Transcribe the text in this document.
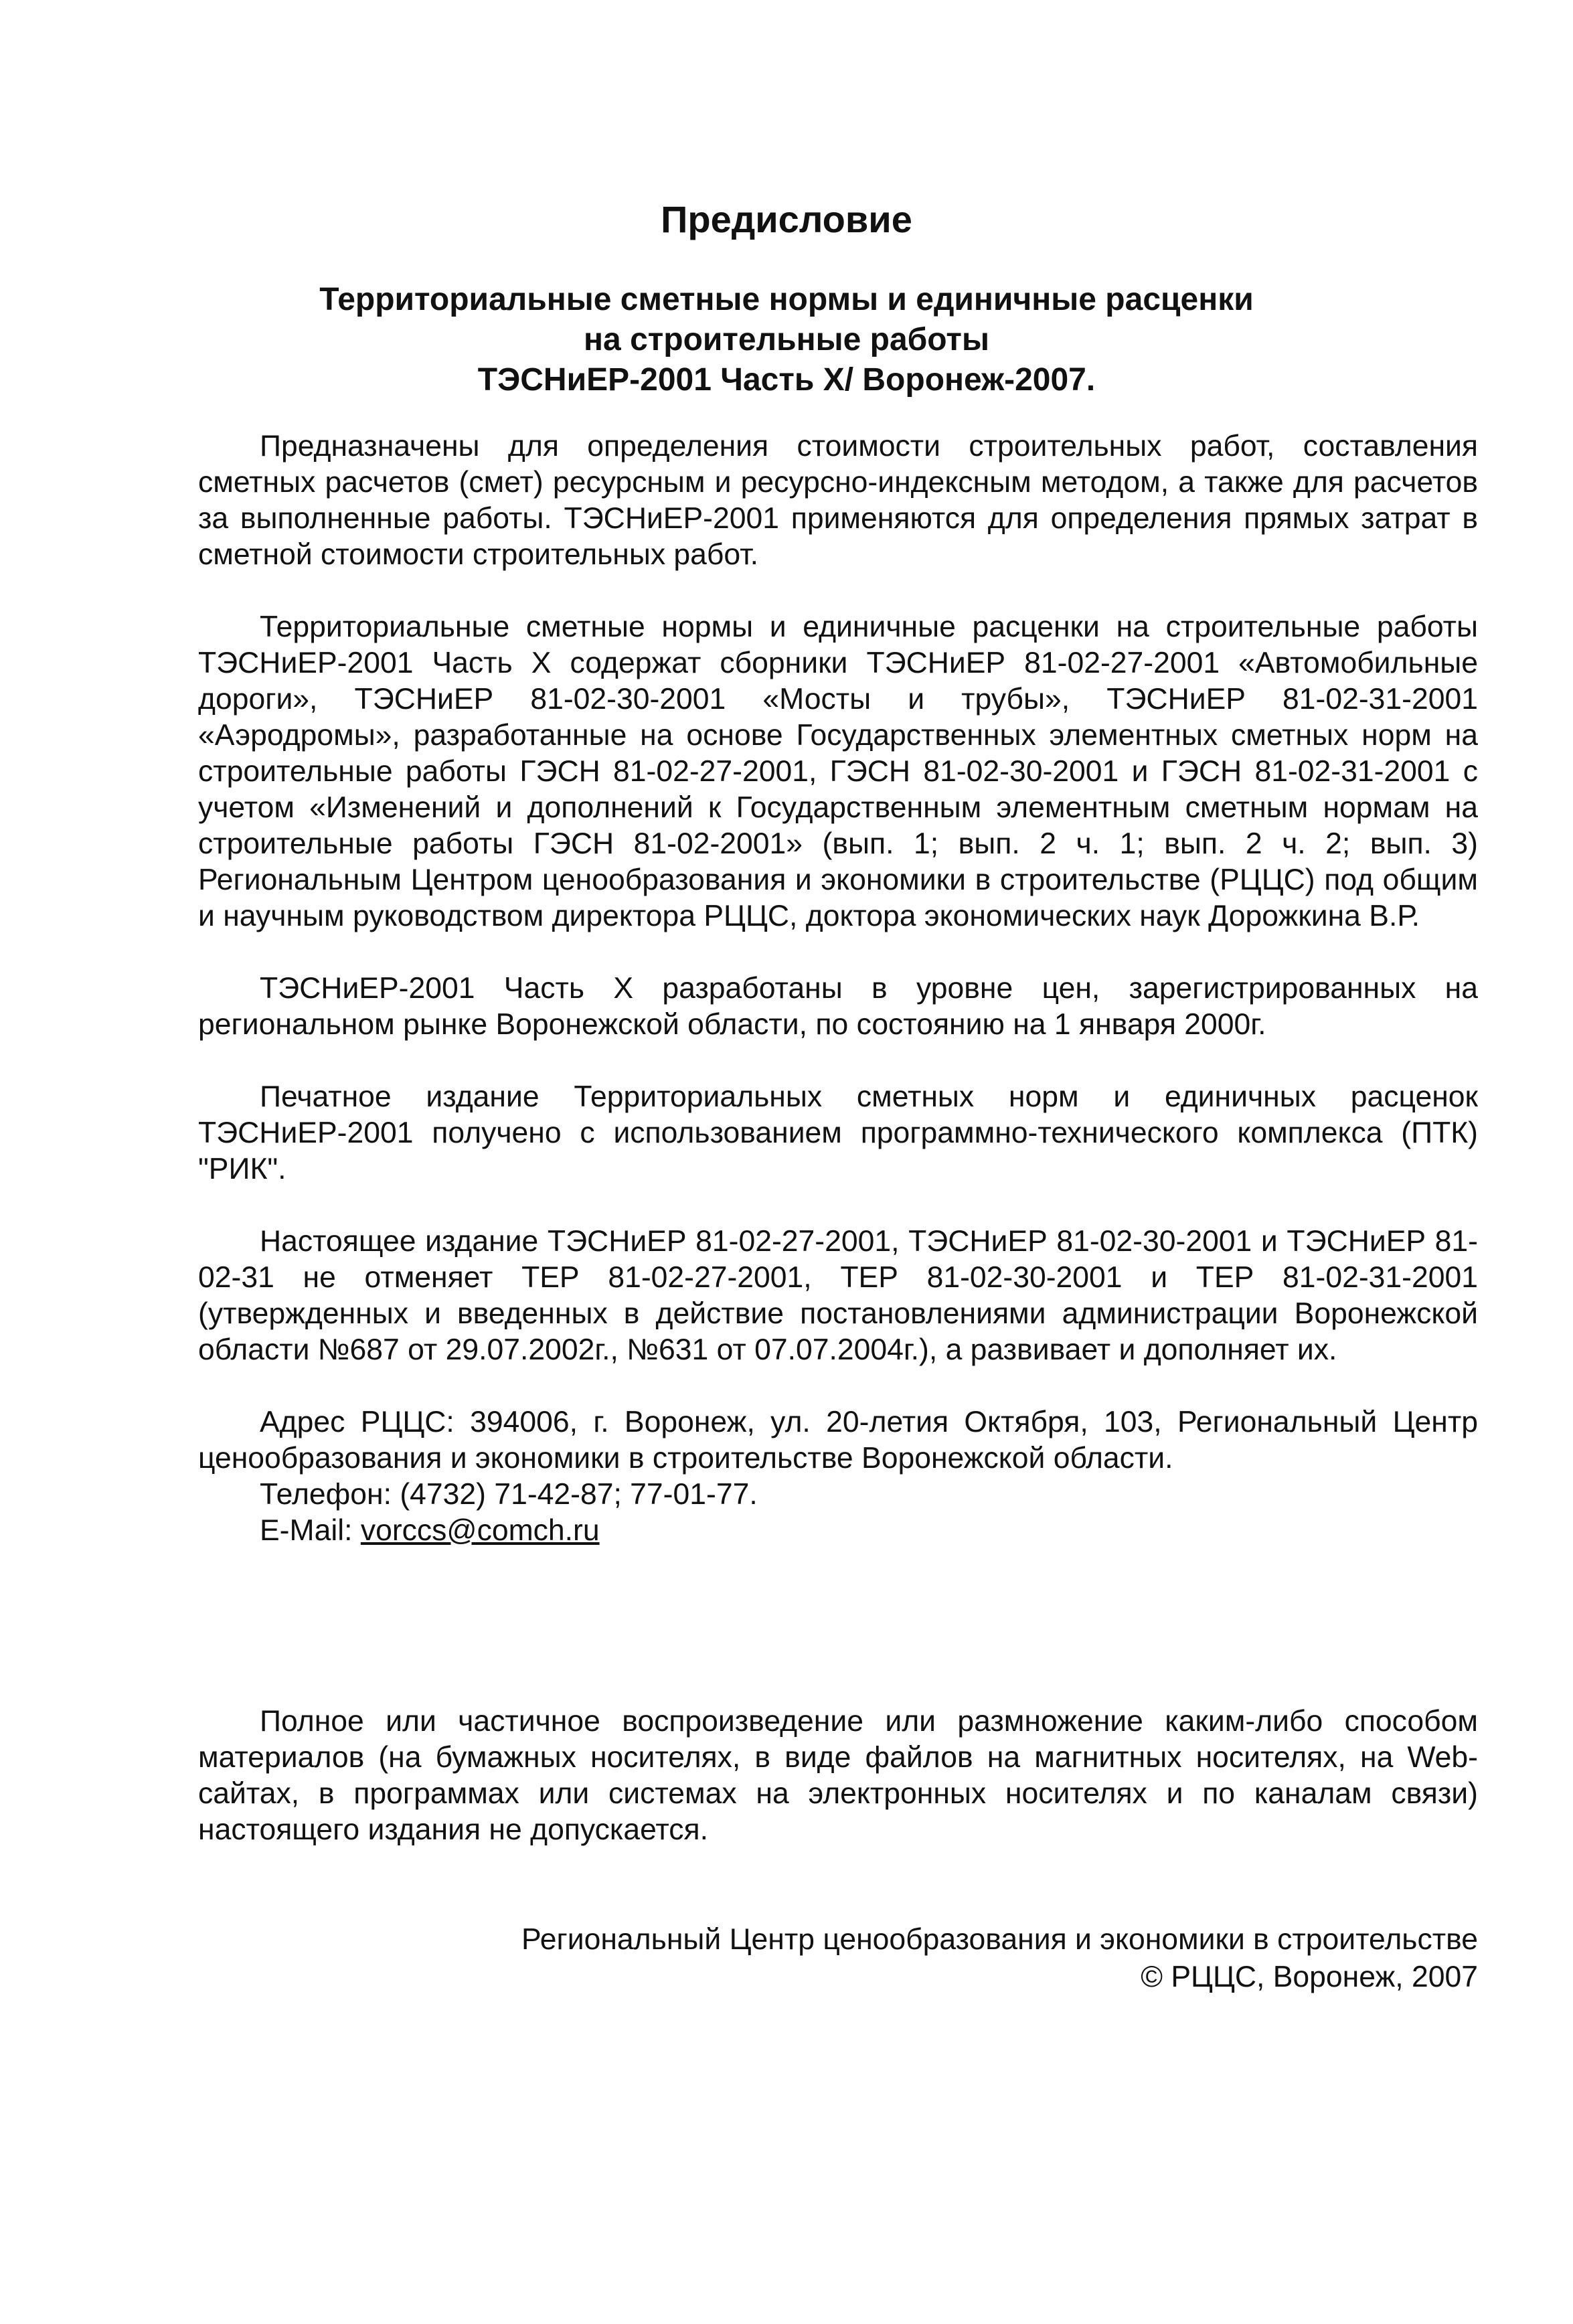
Предисловие
Территориальные сметные нормы и единичные расценки
на строительные работы
ТЭСНиЕР-2001 Часть X/ Воронеж-2007.

Предназначены для определения стоимости строительных работ, составления сметных расчетов (смет) ресурсным и ресурсно-индексным методом, а также для расчетов за выполненные работы. ТЭСНиЕР-2001 применяются для определения прямых затрат в сметной стоимости строительных работ.

Территориальные сметные нормы и единичные расценки на строительные работы ТЭСНиЕР-2001 Часть X содержат сборники ТЭСНиЕР 81-02-27-2001 «Автомобильные дороги», ТЭСНиЕР 81-02-30-2001 «Мосты и трубы», ТЭСНиЕР 81-02-31-2001 «Аэродромы», разработанные на основе Государственных элементных сметных норм на строительные работы ГЭСН 81-02-27-2001, ГЭСН 81-02-30-2001 и ГЭСН 81-02-31-2001 с учетом «Изменений и дополнений к Государственным элементным сметным нормам на строительные работы ГЭСН 81-02-2001» (вып. 1; вып. 2 ч. 1; вып. 2 ч. 2; вып. 3) Региональным Центром ценообразования и экономики в строительстве (РЦЦС) под общим и научным руководством директора РЦЦС, доктора экономических наук Дорожкина В.Р.

ТЭСНиЕР-2001 Часть X разработаны в уровне цен, зарегистрированных на региональном рынке Воронежской области, по состоянию на 1 января 2000г.

Печатное издание Территориальных сметных норм и единичных расценок ТЭСНиЕР-2001 получено с использованием программно-технического комплекса (ПТК) "РИК".

Настоящее издание ТЭСНиЕР 81-02-27-2001, ТЭСНиЕР 81-02-30-2001 и ТЭСНиЕР 81-02-31 не отменяет ТЕР 81-02-27-2001, ТЕР 81-02-30-2001 и ТЕР 81-02-31-2001 (утвержденных и введенных в действие постановлениями администрации Воронежской области №687 от 29.07.2002г., №631 от 07.07.2004г.), а развивает и дополняет их.

Адрес РЦЦС: 394006, г. Воронеж, ул. 20-летия Октября, 103, Региональный Центр ценообразования и экономики в строительстве Воронежской области.

Телефон: (4732) 71-42-87; 77-01-77.

E-Mail: vorccs@comch.ru

Полное или частичное воспроизведение или размножение каким-либо способом материалов (на бумажных носителях, в виде файлов на магнитных носителях, на Web-сайтах, в программах или системах на электронных носителях и по каналам связи) настоящего издания не допускается.

Региональный Центр ценообразования и экономики в строительстве
© РЦЦС, Воронеж, 2007
